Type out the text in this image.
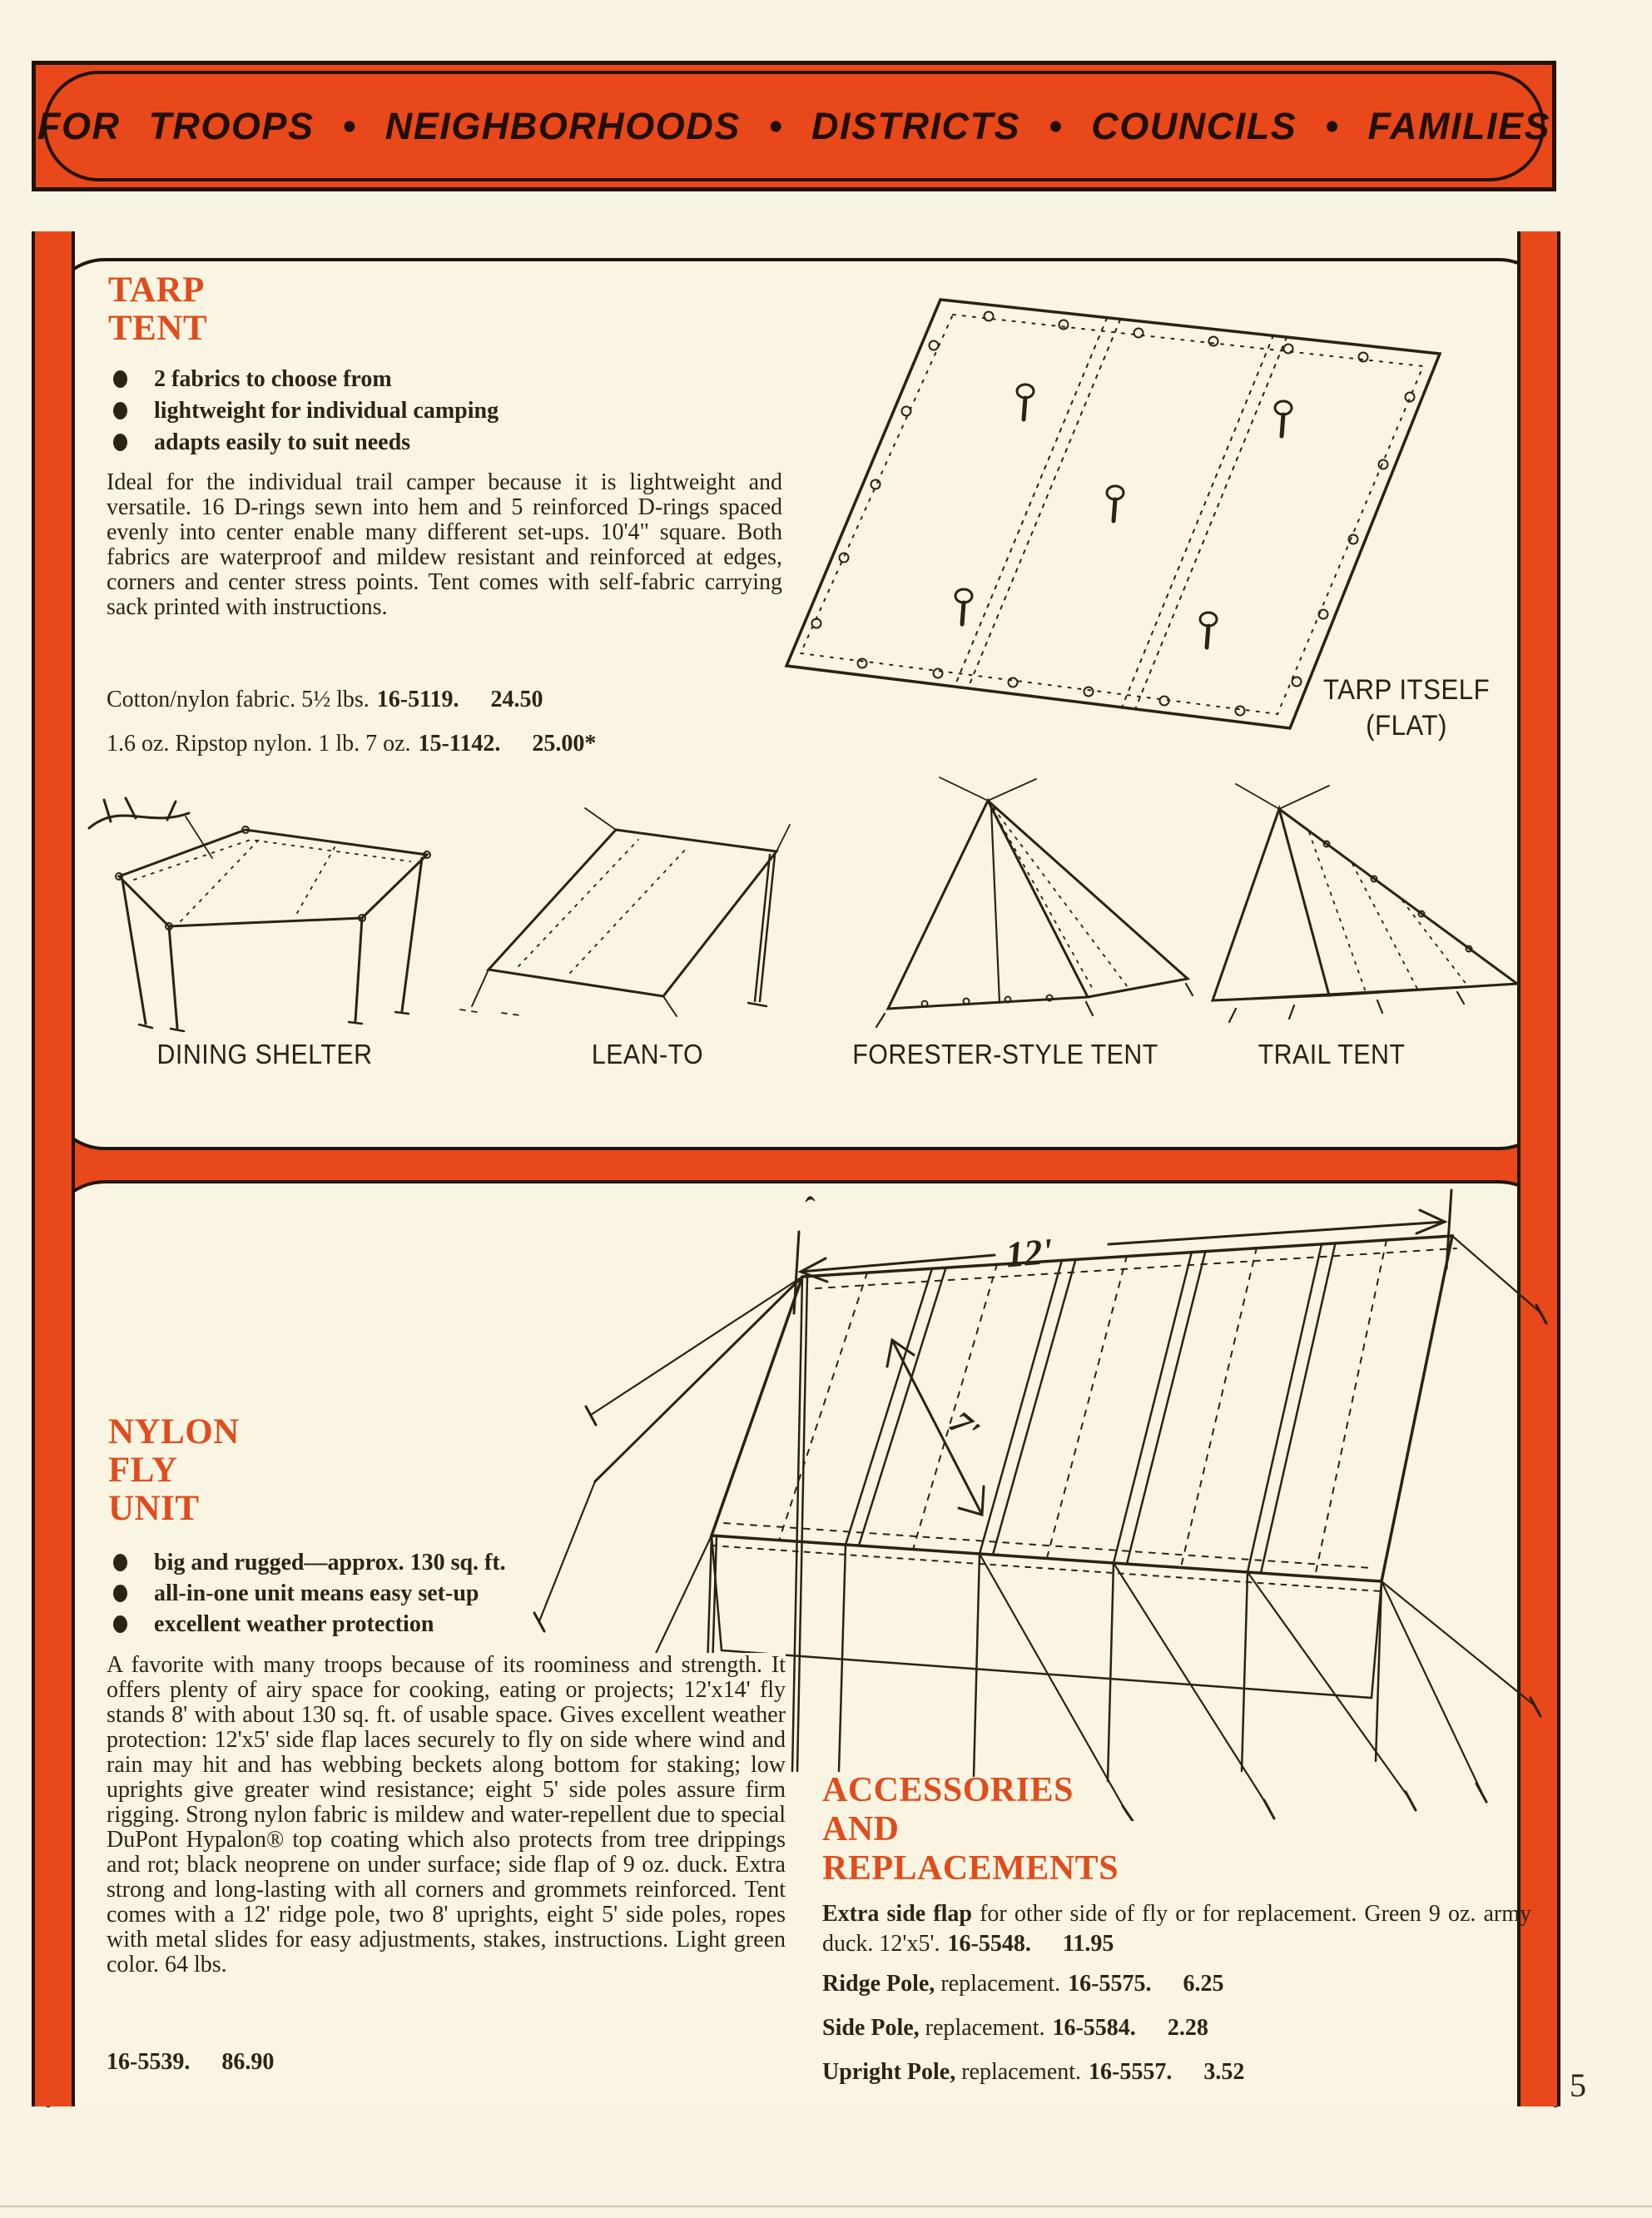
FOR TROOPS • NEIGHBORHOODS • DISTRICTS • COUNCILS • FAMILIES
TARP
TENT
2 fabrics to choose from
lightweight for individual camping
adapts easily to suit needs
Ideal for the individual trail camper because it is lightweight and versatile. 16 D-rings sewn into hem and 5 reinforced D-rings spaced evenly into center enable many different set-ups. 10'4" square. Both fabrics are waterproof and mildew resistant and reinforced at edges, corners and center stress points. Tent comes with self-fabric carrying sack printed with instructions.
Cotton/nylon fabric. 5½ lbs. 16-5119. 24.50
1.6 oz. Ripstop nylon. 1 lb. 7 oz. 15-1142. 25.00*
TARP ITSELF
(FLAT)
DINING SHELTER	LEAN-TO	FORESTER-STYLE TENT	TRAIL TENT
12'
7'
NYLON
FLY
UNIT
big and rugged—approx. 130 sq. ft.
all-in-one unit means easy set-up
excellent weather protection
A favorite with many troops because of its roominess and strength. It offers plenty of airy space for cooking, eating or projects; 12'x14' fly stands 8' with about 130 sq. ft. of usable space. Gives excellent weather protection: 12'x5' side flap laces securely to fly on side where wind and rain may hit and has webbing beckets along bottom for staking; low uprights give greater wind resistance; eight 5' side poles assure firm rigging. Strong nylon fabric is mildew and water-repellent due to special DuPont Hypalon® top coating which also protects from tree drippings and rot; black neoprene on under surface; side flap of 9 oz. duck. Extra strong and long-lasting with all corners and grommets reinforced. Tent comes with a 12' ridge pole, two 8' uprights, eight 5' side poles, ropes with metal slides for easy adjustments, stakes, instructions. Light green color. 64 lbs.
16-5539. 86.90
ACCESSORIES
AND
REPLACEMENTS
Extra side flap for other side of fly or for replacement. Green 9 oz. army duck. 12'x5'. 16-5548. 11.95
Ridge Pole, replacement. 16-5575. 6.25
Side Pole, replacement. 16-5584. 2.28
Upright Pole, replacement. 16-5557. 3.52	5
